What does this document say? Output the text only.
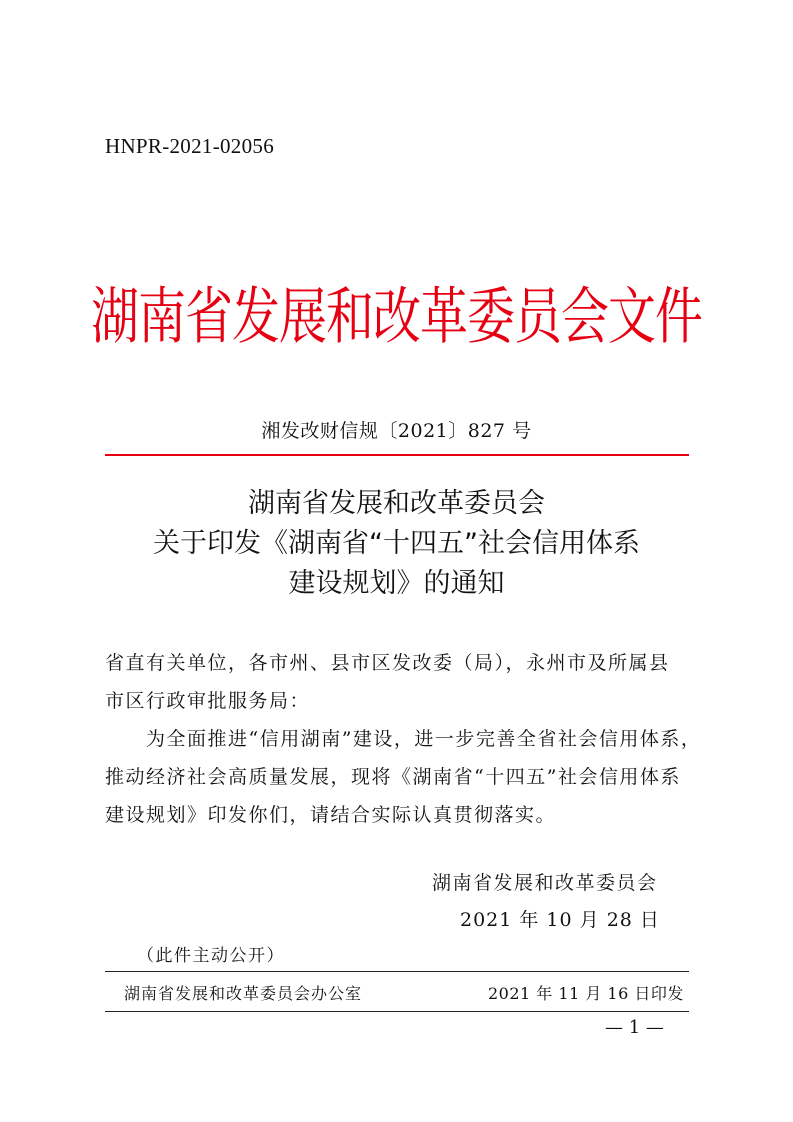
HNPR-2021-02056
湖南省发展和改革委员会文件
湘发改财信规〔2021〕827 号
湖南省发展和改革委员会
关于印发《湖南省“十四五”社会信用体系
建设规划》的通知

省直有关单位，各市州、县市区发改委（局），永州市及所属县

市区行政审批服务局：

为全面推进“信用湖南”建设，进一步完善全省社会信用体系，

推动经济社会高质量发展，现将《湖南省“十四五”社会信用体系

建设规划》印发你们，请结合实际认真贯彻落实。

湖南省发展和改革委员会
2021 年 10 月 28 日
（此件主动公开）
湖南省发展和改革委员会办公室	2021 年 11 月 16 日印发
— 1 —
